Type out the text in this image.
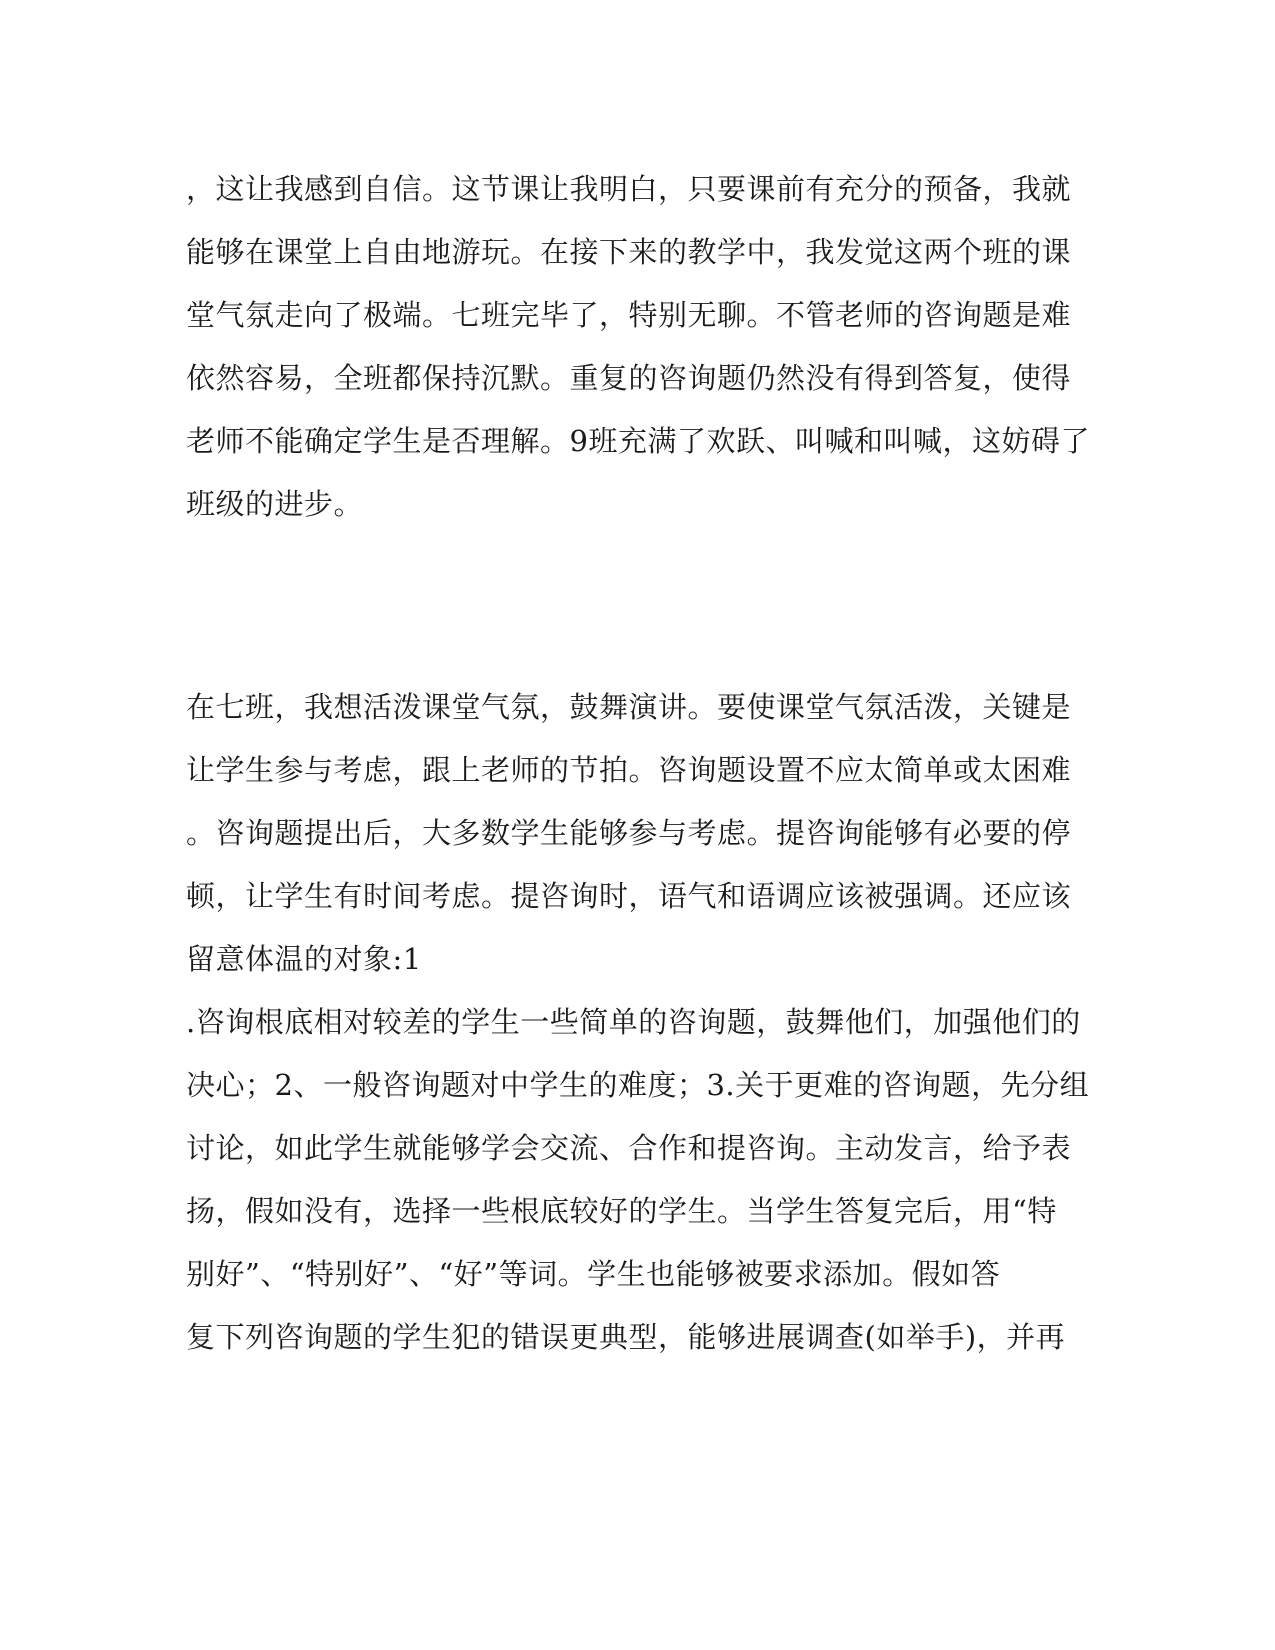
，这让我感到自信。这节课让我明白，只要课前有充分的预备，我就
能够在课堂上自由地游玩。在接下来的教学中，我发觉这两个班的课
堂气氛走向了极端。七班完毕了，特别无聊。不管老师的咨询题是难
依然容易，全班都保持沉默。重复的咨询题仍然没有得到答复，使得
老师不能确定学生是否理解。9班充满了欢跃、叫喊和叫喊，这妨碍了
班级的进步。
在七班，我想活泼课堂气氛，鼓舞演讲。要使课堂气氛活泼，关键是
让学生参与考虑，跟上老师的节拍。咨询题设置不应太简单或太困难
。咨询题提出后，大多数学生能够参与考虑。提咨询能够有必要的停
顿，让学生有时间考虑。提咨询时，语气和语调应该被强调。还应该
留意体温的对象:1
.咨询根底相对较差的学生一些简单的咨询题，鼓舞他们，加强他们的
决心；2、一般咨询题对中学生的难度；3.关于更难的咨询题，先分组
讨论，如此学生就能够学会交流、合作和提咨询。主动发言，给予表
扬，假如没有，选择一些根底较好的学生。当学生答复完后，用“特
别好”、“特别好”、“好”等词。学生也能够被要求添加。假如答
复下列咨询题的学生犯的错误更典型，能够进展调查(如举手)，并再
